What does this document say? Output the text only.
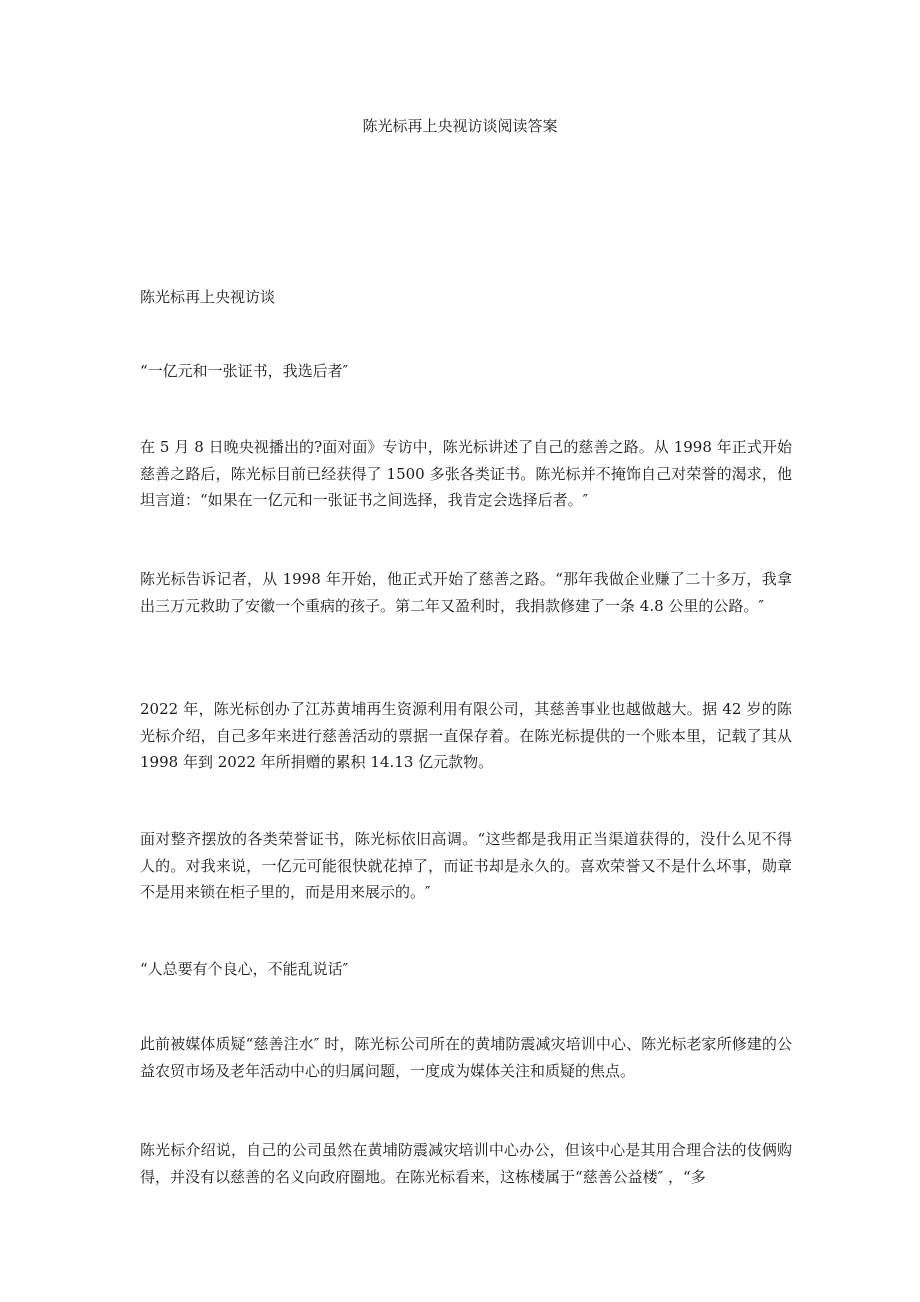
陈光标再上央视访谈阅读答案

陈光标再上央视访谈

“一亿元和一张证书，我选后者″

在 5 月 8 日晚央视播出的?面对面》专访中，陈光标讲述了自己的慈善之路。从 1998 年正式开始慈善之路后，陈光标目前已经获得了 1500 多张各类证书。陈光标并不掩饰自己对荣誉的渴求，他坦言道：“如果在一亿元和一张证书之间选择，我肯定会选择后者。″

陈光标告诉记者，从 1998 年开始，他正式开始了慈善之路。“那年我做企业赚了二十多万，我拿出三万元救助了安徽一个重病的孩子。第二年又盈利时，我捐款修建了一条 4.8 公里的公路。″

2022 年，陈光标创办了江苏黄埔再生资源利用有限公司，其慈善事业也越做越大。据 42 岁的陈光标介绍，自己多年来进行慈善活动的票据一直保存着。在陈光标提供的一个账本里，记载了其从 1998 年到 2022 年所捐赠的累积 14.13 亿元款物。

面对整齐摆放的各类荣誉证书，陈光标依旧高调。“这些都是我用正当渠道获得的，没什么见不得人的。对我来说，一亿元可能很快就花掉了，而证书却是永久的。喜欢荣誉又不是什么坏事，勋章不是用来锁在柜子里的，而是用来展示的。″

“人总要有个良心，不能乱说话″

此前被媒体质疑“慈善注水″ 时，陈光标公司所在的黄埔防震减灾培训中心、陈光标老家所修建的公益农贸市场及老年活动中心的归属问题，一度成为媒体关注和质疑的焦点。

陈光标介绍说，自己的公司虽然在黄埔防震减灾培训中心办公，但该中心是其用合理合法的伎俩购得，并没有以慈善的名义向政府圈地。在陈光标看来，这栋楼属于“慈善公益楼″ ，“多
